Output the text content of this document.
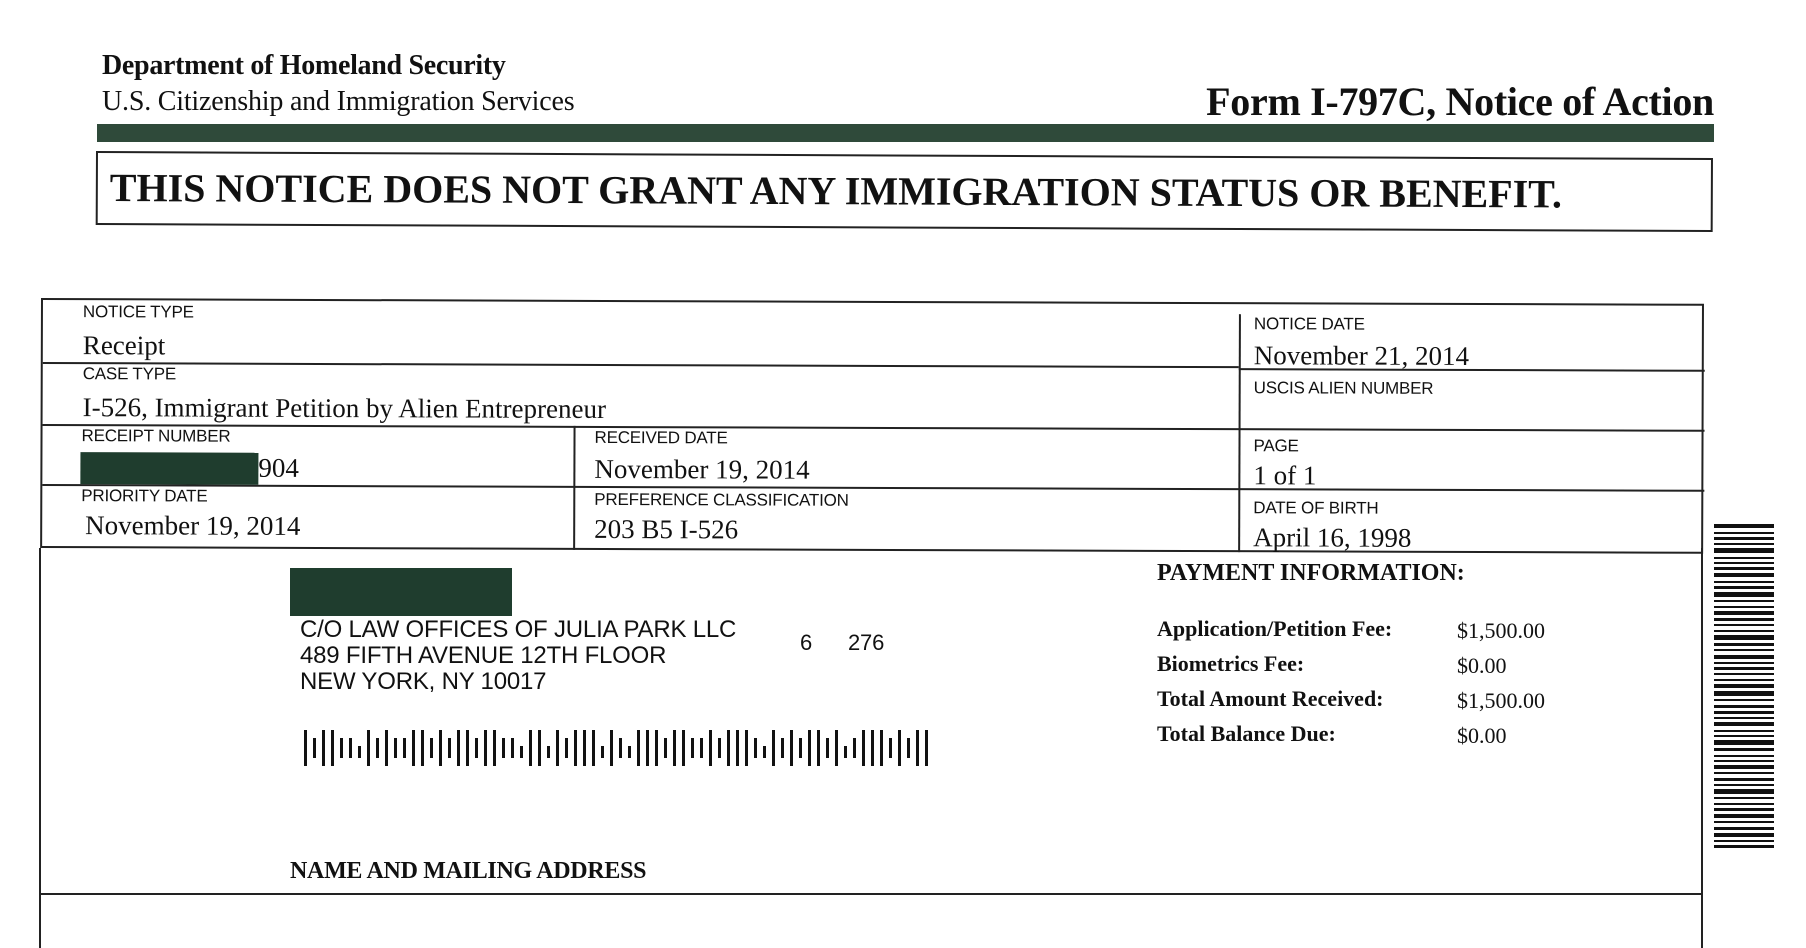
Department of Homeland Security
U.S. Citizenship and Immigration Services	Form I-797C, Notice of Action
THIS NOTICE DOES NOT GRANT ANY IMMIGRATION STATUS OR BENEFIT.
NOTICE TYPE
Receipt
NOTICE DATE
November 21, 2014
CASE TYPE
I-526, Immigrant Petition by Alien Entrepreneur
USCIS ALIEN NUMBER
RECEIPT NUMBER
904
RECEIVED DATE
November 19, 2014
PAGE
1 of 1
PRIORITY DATE
November 19, 2014
PREFERENCE CLASSIFICATION
203 B5 I-526
DATE OF BIRTH
April 16, 1998
C/O LAW OFFICES OF JULIA PARK LLC
489 FIFTH AVENUE 12TH FLOOR
NEW YORK, NY 10017
6 276
PAYMENT INFORMATION:
Application/Petition Fee:	$1,500.00
Biometrics Fee:	$0.00
Total Amount Received:	$1,500.00
Total Balance Due:	$0.00
NAME AND MAILING ADDRESS
